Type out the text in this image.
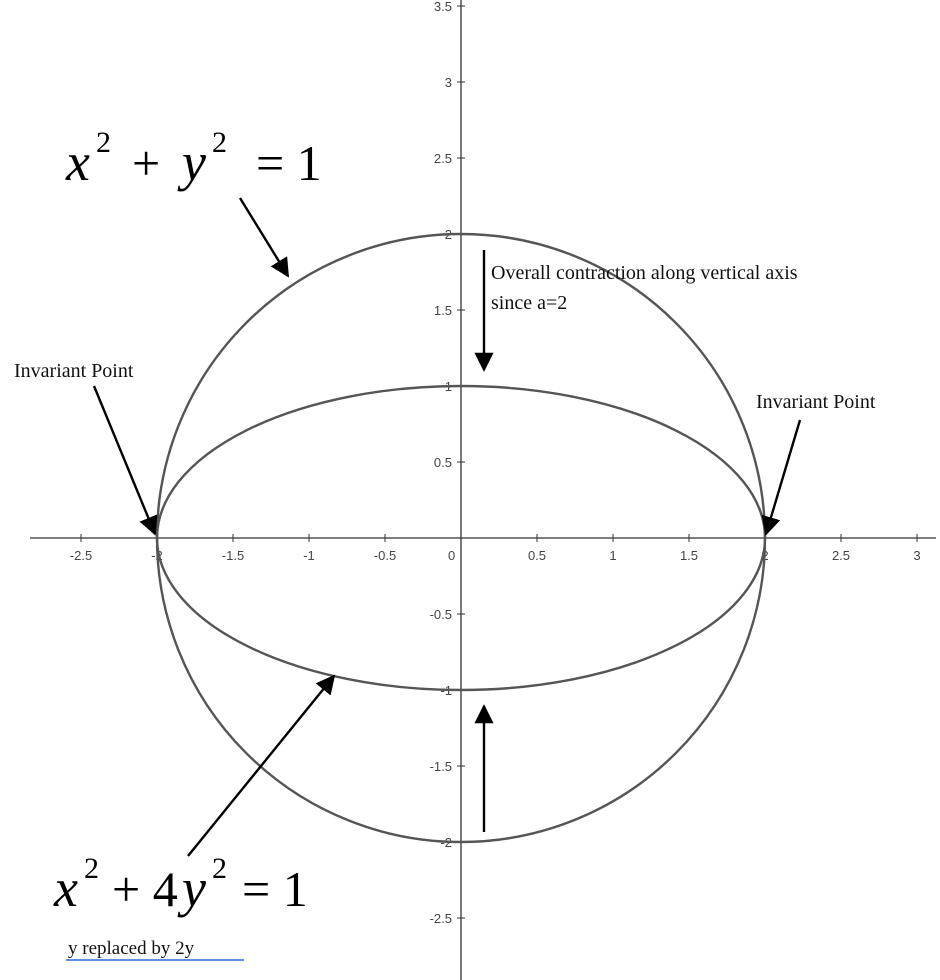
-2.5	-2	-1.5	-1	-0.5	0	0.5	1	1.5	2	2.5	3
3.5
3
2.5
2
1.5
1
0.5
-0.5
-1
-1.5
-2
-2.5
x 2 + y 2 = 1
x 2 + 4 y 2 = 1
y replaced by 2y
Invariant Point
Invariant Point
Overall contraction along vertical axis
since a=2
